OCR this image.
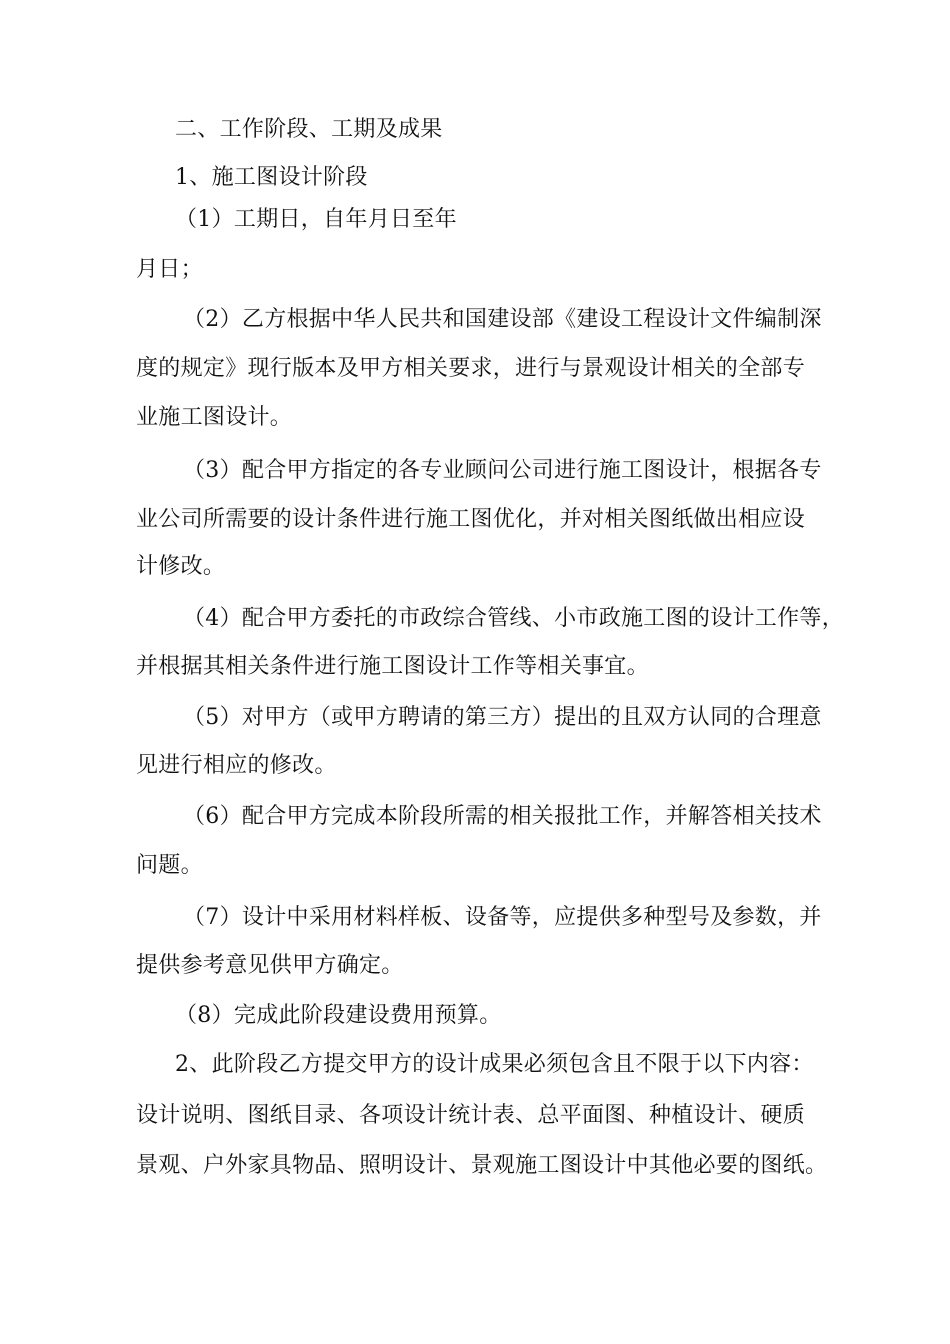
二、工作阶段、工期及成果
1、施工图设计阶段
（1）工期日，自年月日至年
月日；
（2）乙方根据中华人民共和国建设部《建设工程设计文件编制深
度的规定》现行版本及甲方相关要求，进行与景观设计相关的全部专
业施工图设计。
（3）配合甲方指定的各专业顾问公司进行施工图设计，根据各专
业公司所需要的设计条件进行施工图优化，并对相关图纸做出相应设
计修改。
（4）配合甲方委托的市政综合管线、小市政施工图的设计工作等，
并根据其相关条件进行施工图设计工作等相关事宜。
（5）对甲方（或甲方聘请的第三方）提出的且双方认同的合理意
见进行相应的修改。
（6）配合甲方完成本阶段所需的相关报批工作，并解答相关技术
问题。
（7）设计中采用材料样板、设备等，应提供多种型号及参数，并
提供参考意见供甲方确定。
（8）完成此阶段建设费用预算。
2、此阶段乙方提交甲方的设计成果必须包含且不限于以下内容：
设计说明、图纸目录、各项设计统计表、总平面图、种植设计、硬质
景观、户外家具物品、照明设计、景观施工图设计中其他必要的图纸。
